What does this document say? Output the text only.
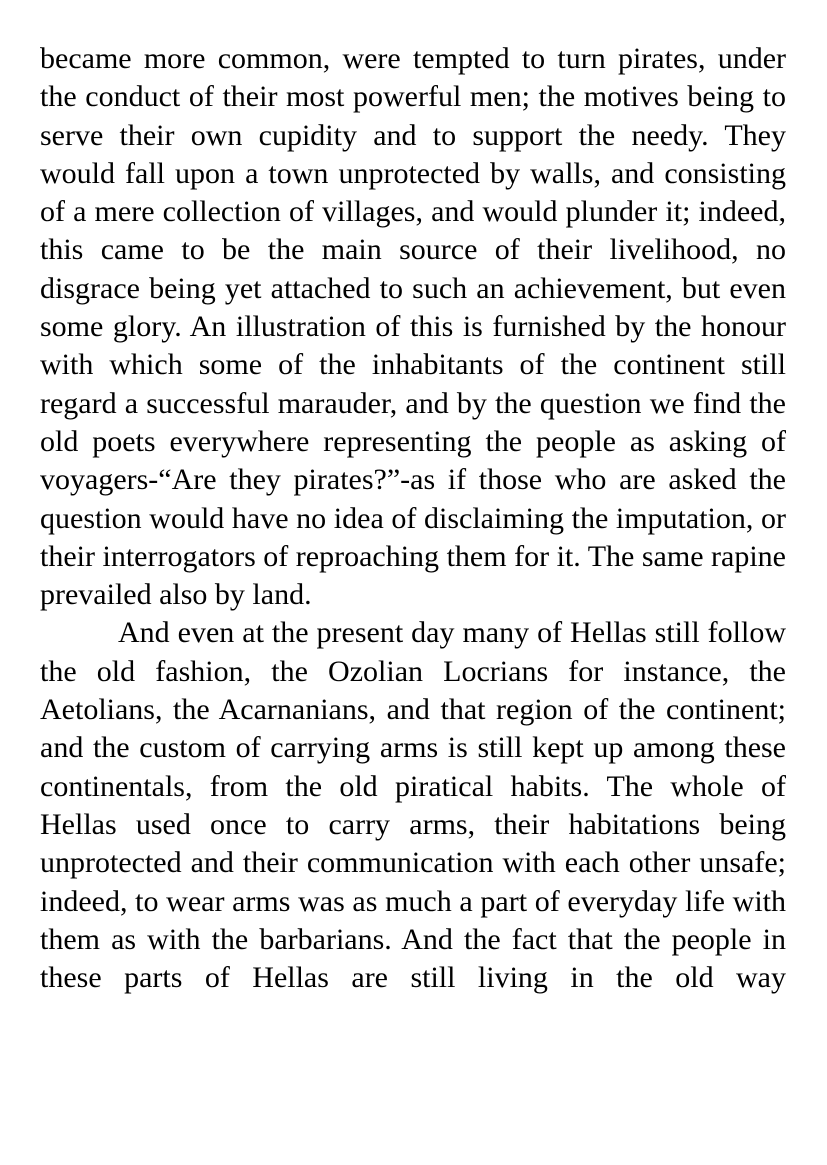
became more common, were tempted to turn pirates, under the conduct of their most powerful men; the motives being to serve their own cupidity and to support the needy. They would fall upon a town unprotected by walls, and consisting of a mere collection of villages, and would plunder it; indeed, this came to be the main source of their livelihood, no disgrace being yet attached to such an achievement, but even some glory. An illustration of this is furnished by the honour with which some of the inhabitants of the continent still regard a successful marauder, and by the question we find the old poets everywhere representing the people as asking of voyagers-“Are they pirates?”-as if those who are asked the question would have no idea of disclaiming the imputation, or their interrogators of reproaching them for it. The same rapine prevailed also by land.

And even at the present day many of Hellas still follow the old fashion, the Ozolian Locrians for instance, the Aetolians, the Acarnanians, and that region of the continent; and the custom of carrying arms is still kept up among these continentals, from the old piratical habits. The whole of Hellas used once to carry arms, their habitations being unprotected and their communication with each other unsafe; indeed, to wear arms was as much a part of everyday life with them as with the barbarians. And the fact that the people in these parts of Hellas are still living in the old way
